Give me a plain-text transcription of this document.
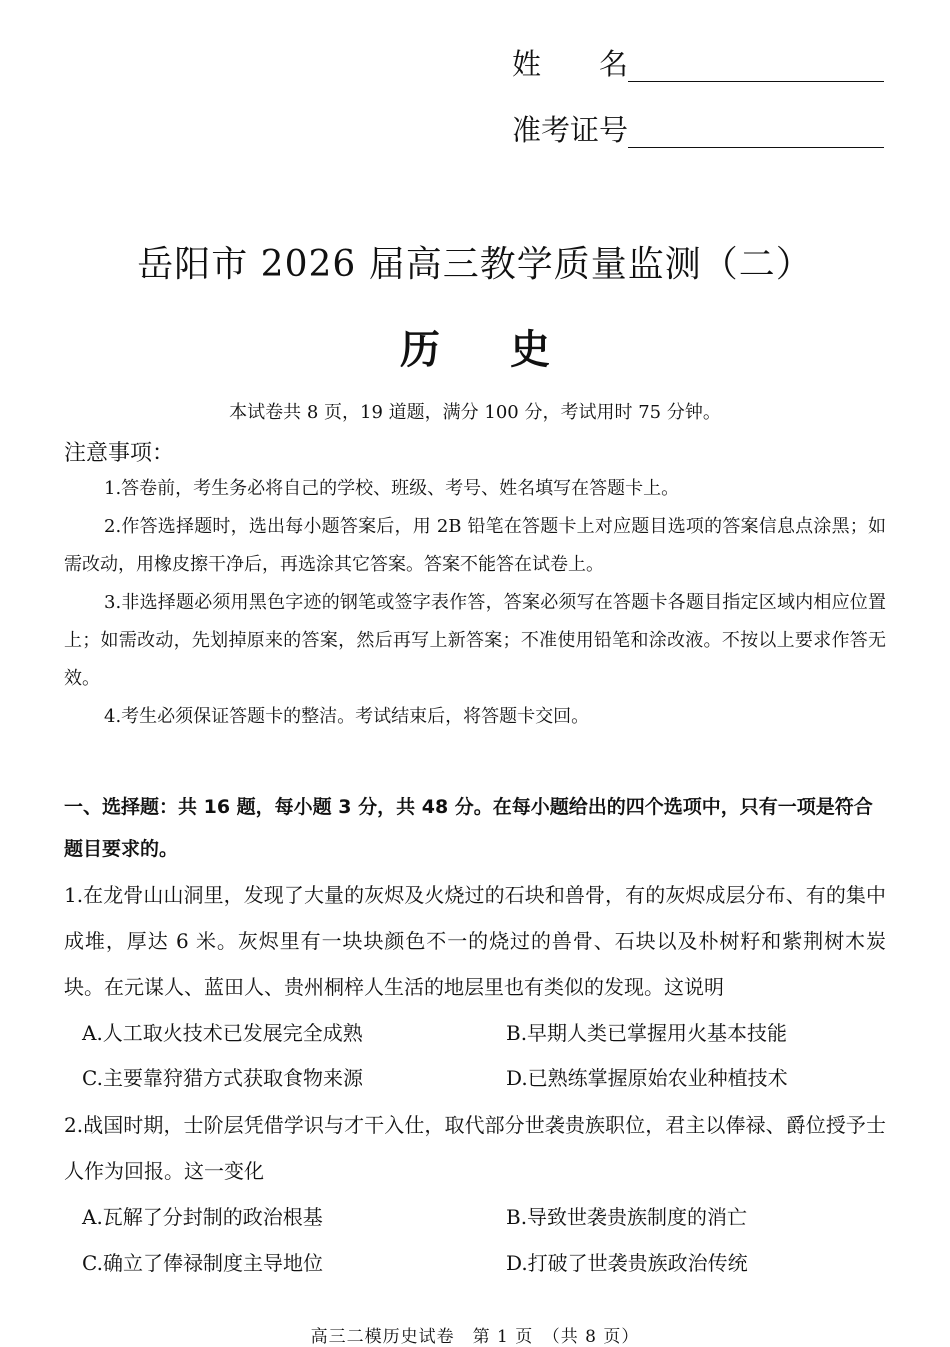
姓　　名
准考证号
岳阳市 2026 届高三教学质量监测（二）
历史
本试卷共 8 页，19 道题，满分 100 分，考试用时 75 分钟。
注意事项：

1.答卷前，考生务必将自己的学校、班级、考号、姓名填写在答题卡上。

2.作答选择题时，选出每小题答案后，用 2B 铅笔在答题卡上对应题目选项的答案信息点涂黑；如需改动，用橡皮擦干净后，再选涂其它答案。答案不能答在试卷上。

3.非选择题必须用黑色字迹的钢笔或签字表作答，答案必须写在答题卡各题目指定区域内相应位置上；如需改动，先划掉原来的答案，然后再写上新答案；不准使用铅笔和涂改液。不按以上要求作答无效。

4.考生必须保证答题卡的整洁。考试结束后，将答题卡交回。

一、选择题：共 16 题，每小题 3 分，共 48 分。在每小题给出的四个选项中，只有一项是符合题目要求的。
1.在龙骨山山洞里，发现了大量的灰烬及火烧过的石块和兽骨，有的灰烬成层分布、有的集中成堆，厚达 6 米。灰烬里有一块块颜色不一的烧过的兽骨、石块以及朴树籽和紫荆树木炭块。在元谋人、蓝田人、贵州桐梓人生活的地层里也有类似的发现。这说明
A.人工取火技术已发展完全成熟	B.早期人类已掌握用火基本技能
C.主要靠狩猎方式获取食物来源	D.已熟练掌握原始农业种植技术
2.战国时期，士阶层凭借学识与才干入仕，取代部分世袭贵族职位，君主以俸禄、爵位授予士人作为回报。这一变化
A.瓦解了分封制的政治根基	B.导致世袭贵族制度的消亡
C.确立了俸禄制度主导地位	D.打破了世袭贵族政治传统
高三二模历史试卷　第 1 页　（共 8 页）
